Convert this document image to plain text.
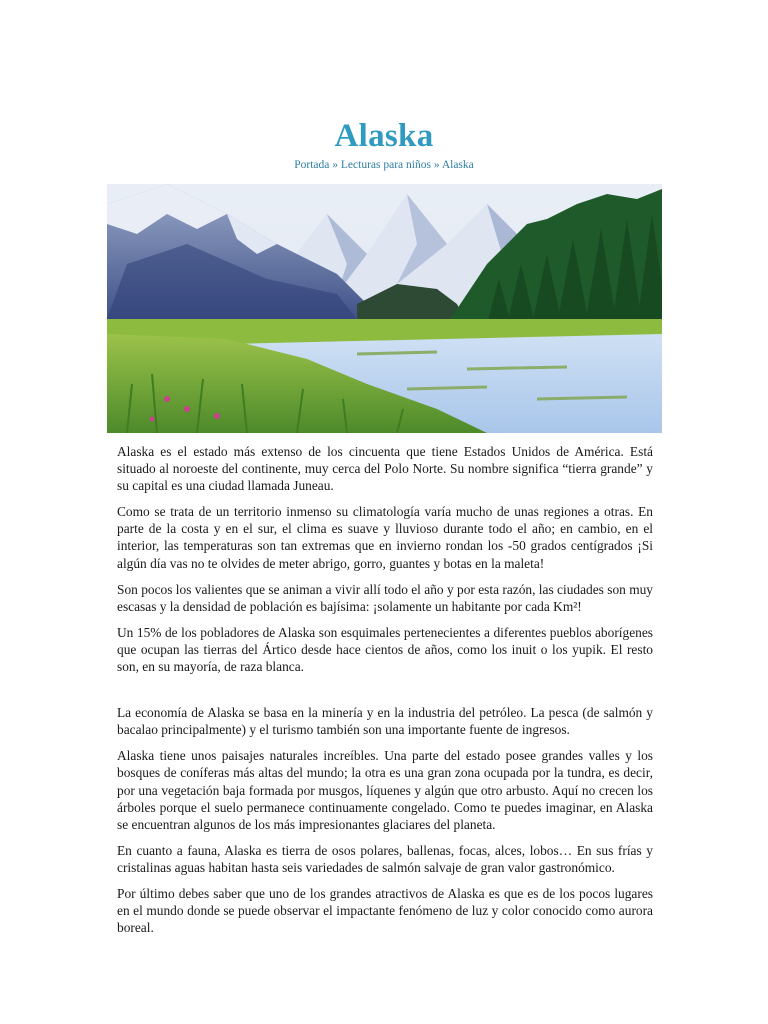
Alaska
Portada » Lecturas para niños » Alaska

Alaska es el estado más extenso de los cincuenta que tiene Estados Unidos de América. Está situado al noroeste del continente, muy cerca del Polo Norte. Su nombre significa “tierra grande” y su capital es una ciudad llamada Juneau.

Como se trata de un territorio inmenso su climatología varía mucho de unas regiones a otras. En parte de la costa y en el sur, el clima es suave y lluvioso durante todo el año; en cambio, en el interior, las temperaturas son tan extremas que en invierno rondan los -50 grados centígrados ¡Si algún día vas no te olvides de meter abrigo, gorro, guantes y botas en la maleta!

Son pocos los valientes que se animan a vivir allí todo el año y por esta razón, las ciudades son muy escasas y la densidad de población es bajísima: ¡solamente un habitante por cada Km²!

Un 15% de los pobladores de Alaska son esquimales pertenecientes a diferentes pueblos aborígenes que ocupan las tierras del Ártico desde hace cientos de años, como los inuit o los yupik. El resto son, en su mayoría, de raza blanca.

La economía de Alaska se basa en la minería y en la industria del petróleo. La pesca (de salmón y bacalao principalmente) y el turismo también son una importante fuente de ingresos.

Alaska tiene unos paisajes naturales increíbles. Una parte del estado posee grandes valles y los bosques de coníferas más altas del mundo; la otra es una gran zona ocupada por la tundra, es decir, por una vegetación baja formada por musgos, líquenes y algún que otro arbusto. Aquí no crecen los árboles porque el suelo permanece continuamente congelado. Como te puedes imaginar, en Alaska se encuentran algunos de los más impresionantes glaciares del planeta.

En cuanto a fauna, Alaska es tierra de osos polares, ballenas, focas, alces, lobos… En sus frías y cristalinas aguas habitan hasta seis variedades de salmón salvaje de gran valor gastronómico.

Por último debes saber que uno de los grandes atractivos de Alaska es que es de los pocos lugares en el mundo donde se puede observar el impactante fenómeno de luz y color conocido como aurora boreal.
